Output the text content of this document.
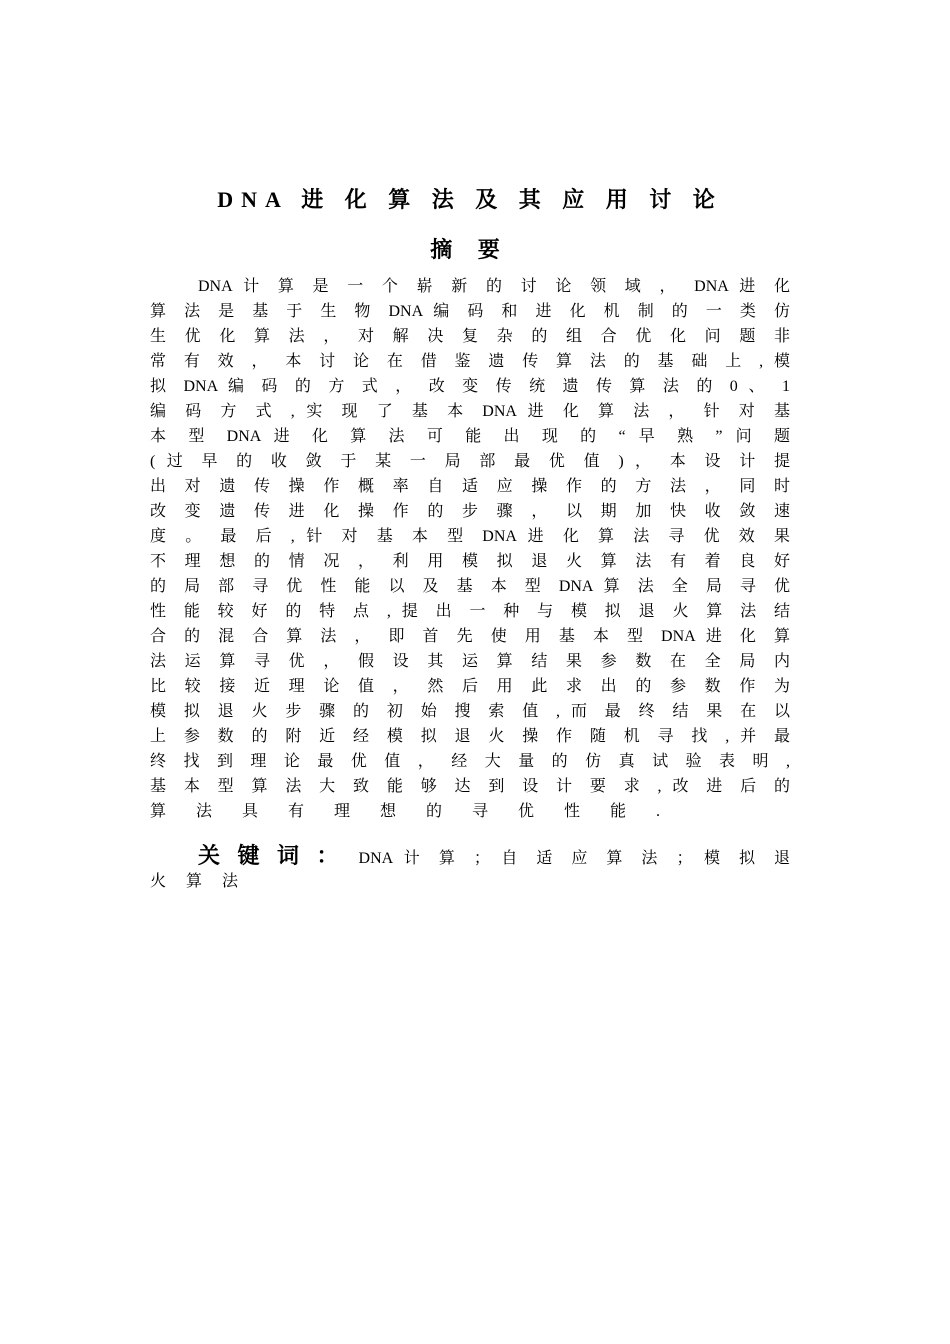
DNA 进 化 算 法 及 其 应 用 讨 论
摘 要
DNA 计 算 是 一 个 崭 新 的 讨 论 领 域 ， DNA 进 化
算 法 是 基 于 生 物 DNA 编 码 和 进 化 机 制 的 一 类 仿
生 优 化 算 法 ， 对 解 决 复 杂 的 组 合 优 化 问 题 非
常 有 效 ， 本 讨 论 在 借 鉴 遗 传 算 法 的 基 础 上 , 模
拟 DNA 编 码 的 方 式 ， 改 变 传 统 遗 传 算 法 的 0 、 1
编 码 方 式 , 实 现 了 基 本 DNA 进 化 算 法 ， 针 对 基
本 型 DNA 进 化 算 法 可 能 出 现 的 “ 早 熟 ” 问 题
( 过 早 的 收 敛 于 某 一 局 部 最 优 值 ) ， 本 设 计 提
出 对 遗 传 操 作 概 率 自 适 应 操 作 的 方 法 ， 同 时
改 变 遗 传 进 化 操 作 的 步 骤 ， 以 期 加 快 收 敛 速
度 。 最 后 , 针 对 基 本 型 DNA 进 化 算 法 寻 优 效 果
不 理 想 的 情 况 ， 利 用 模 拟 退 火 算 法 有 着 良 好
的 局 部 寻 优 性 能 以 及 基 本 型 DNA 算 法 全 局 寻 优
性 能 较 好 的 特 点 , 提 出 一 种 与 模 拟 退 火 算 法 结
合 的 混 合 算 法 ， 即 首 先 使 用 基 本 型 DNA 进 化 算
法 运 算 寻 优 ， 假 设 其 运 算 结 果 参 数 在 全 局 内
比 较 接 近 理 论 值 ， 然 后 用 此 求 出 的 参 数 作 为
模 拟 退 火 步 骤 的 初 始 搜 索 值 , 而 最 终 结 果 在 以
上 参 数 的 附 近 经 模 拟 退 火 操 作 随 机 寻 找 , 并 最
终 找 到 理 论 最 优 值 ， 经 大 量 的 仿 真 试 验 表 明 ,
基 本 型 算 法 大 致 能 够 达 到 设 计 要 求 , 改 进 后 的
算 法 具 有 理 想 的 寻 优 性 能 .
关 键 词 ： DNA 计 算 ； 自 适 应 算 法 ； 模 拟 退
火 算 法
